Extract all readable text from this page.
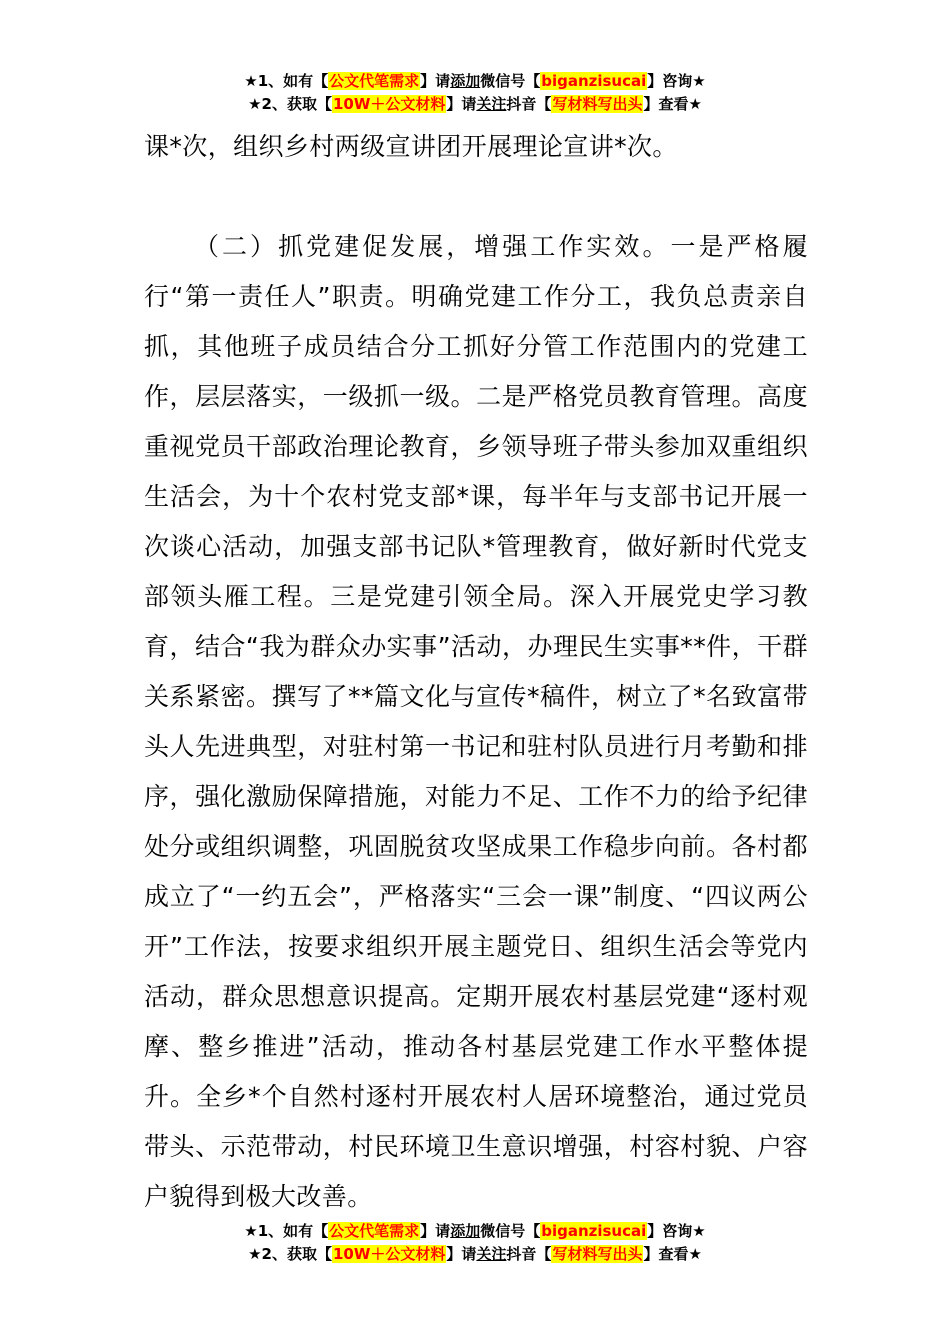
★1、如有【公文代笔需求】请添加微信号【biganzisucai】咨询★
★2、获取【10W＋公文材料】请关注抖音【写材料写出头】查看★
课*次，组织乡村两级宣讲团开展理论宣讲*次。
（二）抓党建促发展，增强工作实效。一是严格履行“第一责任人”职责。明确党建工作分工，我负总责亲自抓，其他班子成员结合分工抓好分管工作范围内的党建工作，层层落实，一级抓一级。二是严格党员教育管理。高度重视党员干部政治理论教育，乡领导班子带头参加双重组织生活会，为十个农村党支部*课，每半年与支部书记开展一次谈心活动，加强支部书记队*管理教育，做好新时代党支部领头雁工程。三是党建引领全局。深入开展党史学习教育，结合“我为群众办实事”活动，办理民生实事**件，干群关系紧密。撰写了**篇文化与宣传*稿件，树立了*名致富带头人先进典型，对驻村第一书记和驻村队员进行月考勤和排序，强化激励保障措施，对能力不足、工作不力的给予纪律处分或组织调整，巩固脱贫攻坚成果工作稳步向前。各村都成立了“一约五会”，严格落实“三会一课”制度、“四议两公开”工作法，按要求组织开展主题党日、组织生活会等党内活动，群众思想意识提高。定期开展农村基层党建“逐村观摩、整乡推进”活动，推动各村基层党建工作水平整体提升。全乡*个自然村逐村开展农村人居环境整治，通过党员带头、示范带动，村民环境卫生意识增强，村容村貌、户容户貌得到极大改善。
★1、如有【公文代笔需求】请添加微信号【biganzisucai】咨询★
★2、获取【10W＋公文材料】请关注抖音【写材料写出头】查看★
